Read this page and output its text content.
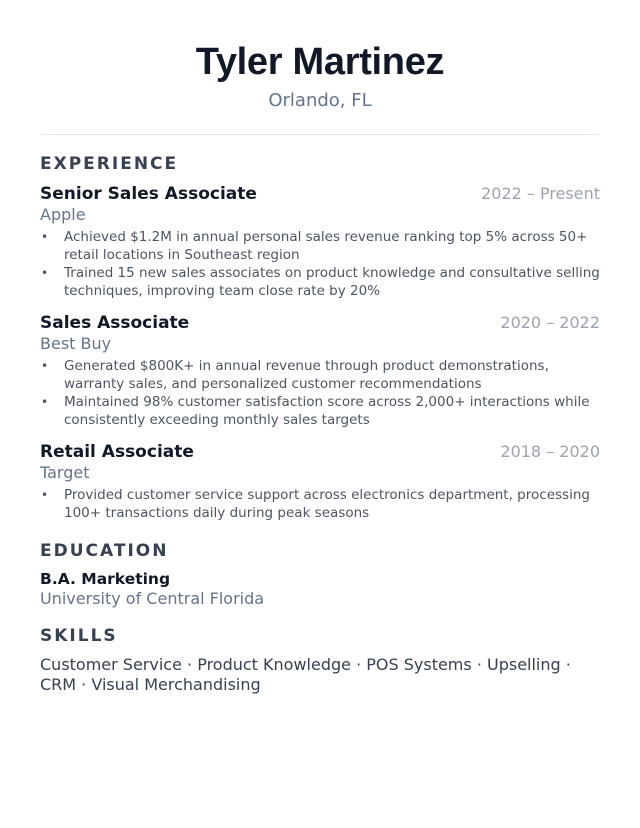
Tyler Martinez
Orlando, FL
EXPERIENCE
Senior Sales Associate	2022 – Present
Apple
• Achieved $1.2M in annual personal sales revenue ranking top 5% across 50+ retail locations in Southeast region
• Trained 15 new sales associates on product knowledge and consultative selling techniques, improving team close rate by 20%
Sales Associate	2020 – 2022
Best Buy
• Generated $800K+ in annual revenue through product demonstrations, warranty sales, and personalized customer recommendations
• Maintained 98% customer satisfaction score across 2,000+ interactions while consistently exceeding monthly sales targets
Retail Associate	2018 – 2020
Target
• Provided customer service support across electronics department, processing 100+ transactions daily during peak seasons
EDUCATION
B.A. Marketing
University of Central Florida
SKILLS
Customer Service · Product Knowledge · POS Systems · Upselling · CRM · Visual Merchandising
